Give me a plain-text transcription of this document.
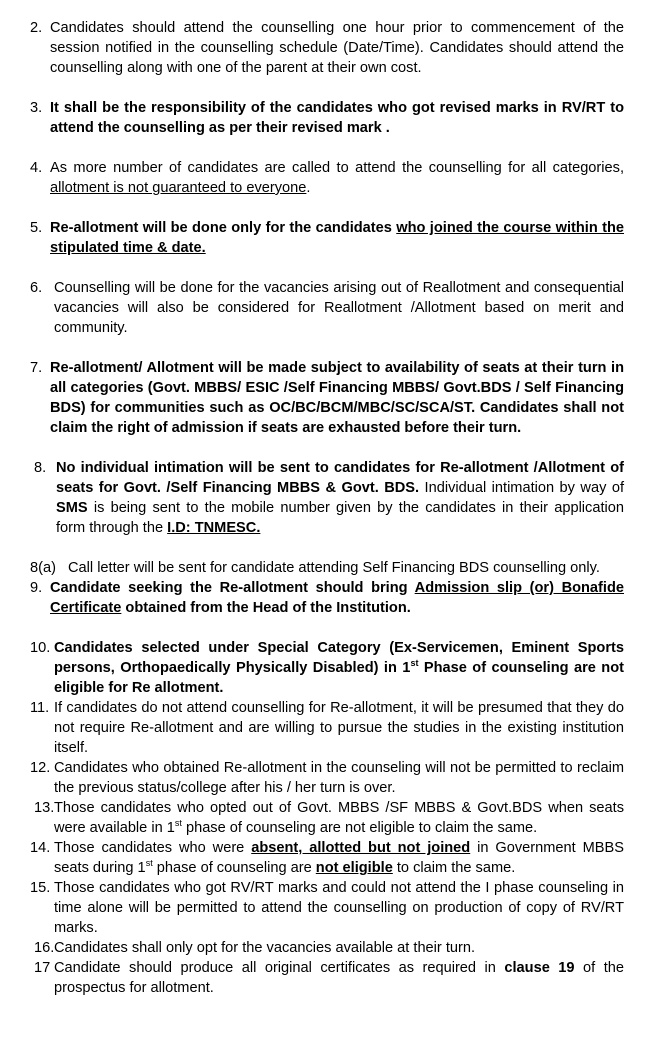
2. Candidates should attend the counselling one hour prior to commencement of the session notified in the counselling schedule (Date/Time). Candidates should attend the counselling along with one of the parent at their own cost.
3. It shall be the responsibility of the candidates who got revised marks in RV/RT to attend the counselling as per their revised mark .
4. As more number of candidates are called to attend the counselling for all categories, allotment is not guaranteed to everyone.
5. Re-allotment will be done only for the candidates who joined the course within the stipulated time & date.
6. Counselling will be done for the vacancies arising out of Reallotment and consequential vacancies will also be considered for Reallotment /Allotment based on merit and community.
7. Re-allotment/ Allotment will be made subject to availability of seats at their turn in all categories (Govt. MBBS/ ESIC /Self Financing MBBS/ Govt.BDS / Self Financing BDS) for communities such as OC/BC/BCM/MBC/SC/SCA/ST. Candidates shall not claim the right of admission if seats are exhausted before their turn.
8. No individual intimation will be sent to candidates for Re-allotment /Allotment of seats for Govt. /Self Financing MBBS & Govt. BDS. Individual intimation by way of SMS is being sent to the mobile number given by the candidates in their application form through the I.D: TNMESC.
8(a) Call letter will be sent for candidate attending Self Financing BDS counselling only.
9. Candidate seeking the Re-allotment should bring Admission slip (or) Bonafide Certificate obtained from the Head of the Institution.
10. Candidates selected under Special Category (Ex-Servicemen, Eminent Sports persons, Orthopaedically Physically Disabled) in 1st Phase of counseling are not eligible for Re allotment.
11. If candidates do not attend counselling for Re-allotment, it will be presumed that they do not require Re-allotment and are willing to pursue the studies in the existing institution itself.
12. Candidates who obtained Re-allotment in the counseling will not be permitted to reclaim the previous status/college after his / her turn is over.
13. Those candidates who opted out of Govt. MBBS /SF MBBS & Govt.BDS when seats were available in 1st phase of counseling are not eligible to claim the same.
14. Those candidates who were absent, allotted but not joined in Government MBBS seats during 1st phase of counseling are not eligible to claim the same.
15. Those candidates who got RV/RT marks and could not attend the I phase counseling in time alone will be permitted to attend the counselling on production of copy of RV/RT marks.
16. Candidates shall only opt for the vacancies available at their turn.
17 Candidate should produce all original certificates as required in clause 19 of the prospectus for allotment.
